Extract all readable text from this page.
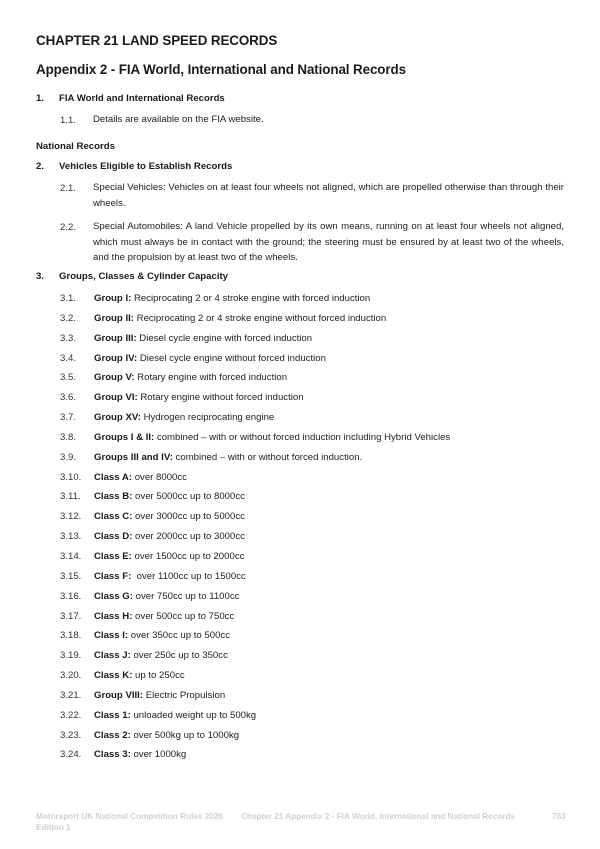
CHAPTER 21 LAND SPEED RECORDS
Appendix 2 - FIA World, International and National Records
1. FIA World and International Records
1.1. Details are available on the FIA website.
National Records
2. Vehicles Eligible to Establish Records
2.1. Special Vehicles: Vehicles on at least four wheels not aligned, which are propelled otherwise than through their wheels.
2.2. Special Automobiles: A land Vehicle propelled by its own means, running on at least four wheels not aligned, which must always be in contact with the ground; the steering must be ensured by at least two of the wheels, and the propulsion by at least two of the wheels.
3. Groups, Classes & Cylinder Capacity
3.1. Group I: Reciprocating 2 or 4 stroke engine with forced induction
3.2. Group II: Reciprocating 2 or 4 stroke engine without forced induction
3.3. Group III: Diesel cycle engine with forced induction
3.4. Group IV: Diesel cycle engine without forced induction
3.5. Group V: Rotary engine with forced induction
3.6. Group VI: Rotary engine without forced induction
3.7. Group XV: Hydrogen reciprocating engine
3.8. Groups I & II: combined – with or without forced induction including Hybrid Vehicles
3.9. Groups III and IV: combined – with or without forced induction.
3.10. Class A: over 8000cc
3.11. Class B: over 5000cc up to 8000cc
3.12. Class C: over 3000cc up to 5000cc
3.13. Class D: over 2000cc up to 3000cc
3.14. Class E: over 1500cc up to 2000cc
3.15. Class F:  over 1100cc up to 1500cc
3.16. Class G: over 750cc up to 1100cc
3.17. Class H: over 500cc up to 750cc
3.18. Class I: over 350cc up to 500cc
3.19. Class J: over 250c up to 350cc
3.20. Class K: up to 250cc
3.21. Group VIII: Electric Propulsion
3.22. Class 1: unloaded weight up to 500kg
3.23. Class 2: over 500kg up to 1000kg
3.24. Class 3: over 1000kg
Motorsport UK National Competition Rules 2026
Edition 1
Chapter 21 Appendix 2 - FIA World, International and National Records	783
